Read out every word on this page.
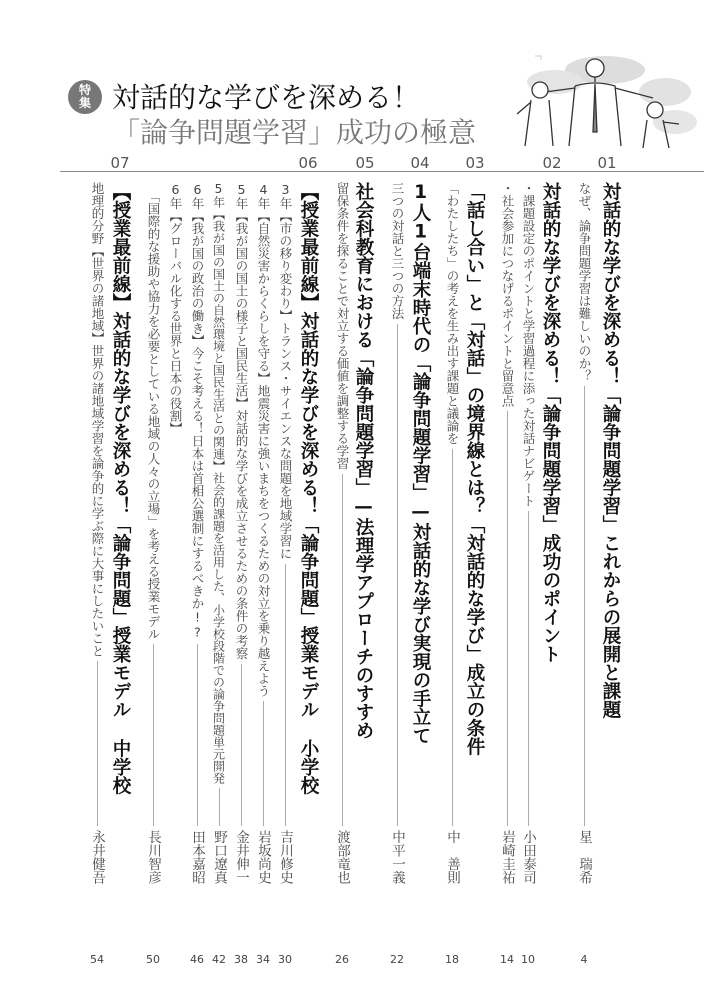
特集 対話的な学びを深める！
「論争問題学習」成功の極意
01
02
03
04
05
06
07
対話的な学びを深める！「論争問題学習」これからの展開と課題
なぜ、論争問題学習は難しいのか？
星　瑞希
対話的な学びを深める！「論争問題学習」成功のポイント
・課題設定のポイントと学習過程に添った対話ナビゲート
小田泰司
・社会参加につなげるポイントと留意点
岩崎圭祐
「話し合い」と「対話」の境界線とは？「対話的な学び」成立の条件
「わたしたち」の考えを生み出す課題と議論を
中　善則
1人1台端末時代の「論争問題学習」—対話的な学び実現の手立て
三つの対話と三つの方法
中平一義
社会科教育における「論争問題学習」—法理学アプローチのすすめ
留保条件を探ることで対立する価値を調整する学習
渡部竜也
【授業最前線】対話的な学びを深める！「論争問題」授業モデル
小学校
3年【市の移り変わり】トランス・サイエンスな問題を地域学習に
吉川修史
4年【自然災害からくらしを守る】地震災害に強いまちをつくるための対立を乗り越えよう
岩坂尚史
5年【我が国の国土の様子と国民生活】対話的な学びを成立させるための条件の考察
金井伸一
5年【我が国の国土の自然環境と国民生活との関連】社会的課題を活用した、小学校段階での論争問題単元開発
野口遼真
6年【我が国の政治の働き】今こそ考える！日本は首相公選制にするべきか!?
田本嘉昭
6年【グローバル化する世界と日本の役割】
「国際的な援助や協力を必要としている地域の人々の立場」を考える授業モデル
長川智彦
【授業最前線】対話的な学びを深める！「論争問題」授業モデル
中学校
地理的分野【世界の諸地域】世界の諸地域学習を論争的に学ぶ際に大事にしたいこと
永井健吾
4
10
14
18
22
26
30
34
38
42
46
50
54
